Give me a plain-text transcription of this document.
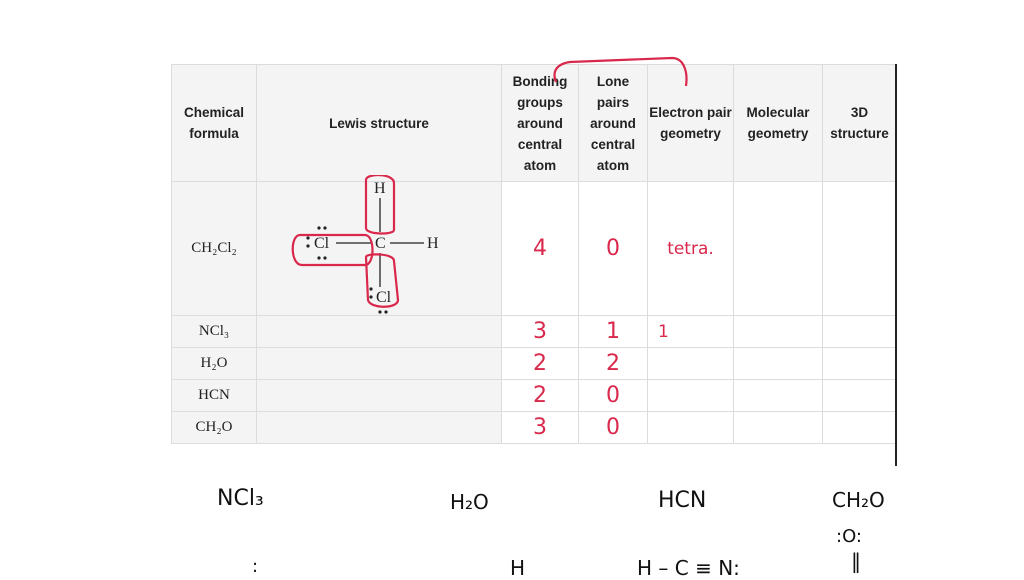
Chemical formula	Lewis structure	Bonding groups around central atom	Lone pairs around central atom	Electron pair geometry	Molecular geometry	3D structure
CH₂Cl₂		4	0	tetra.		
NCl₃		3	1	1		
H₂O		2	2			
HCN		2	0			
CH₂O		3	0			
H
C
Cl	H
Cl
NCl₃	H₂O	HCN	CH₂O
:O:
‖
H – C ≡ N:
H
:
